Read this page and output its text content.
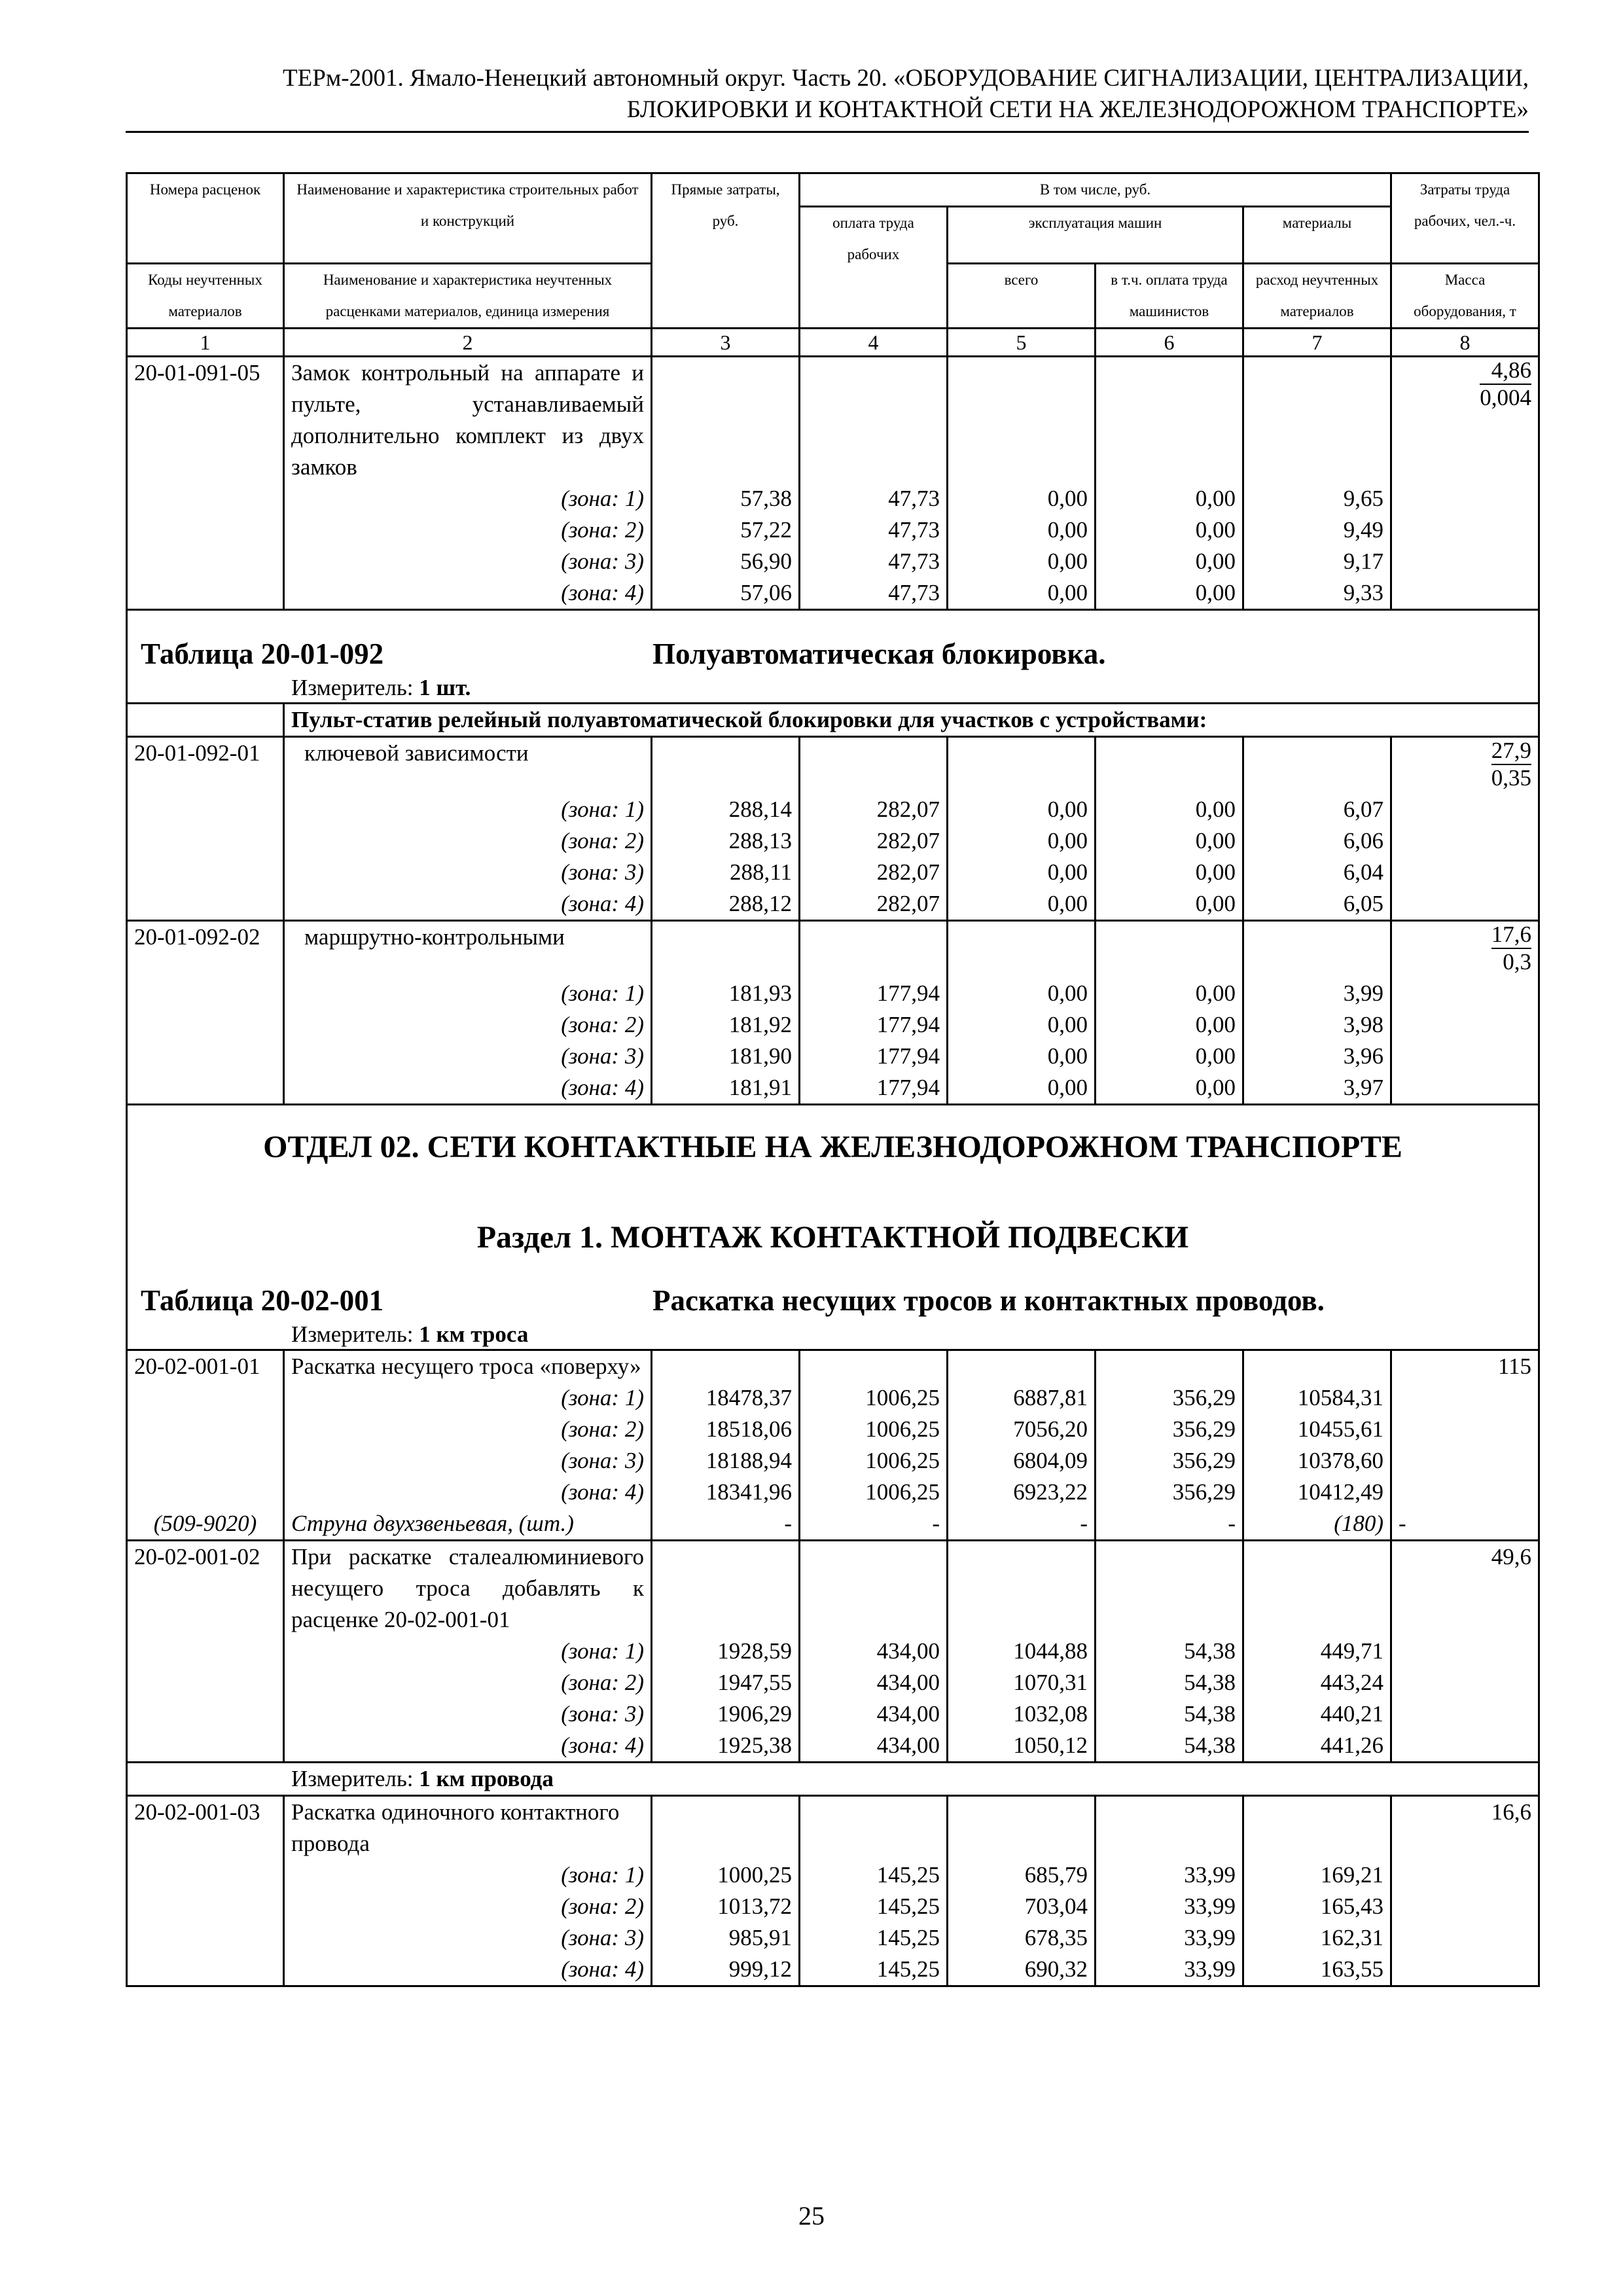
ТЕРм-2001. Ямало-Ненецкий автономный округ. Часть 20. «ОБОРУДОВАНИЕ СИГНАЛИЗАЦИИ, ЦЕНТРАЛИЗАЦИИ,
БЛОКИРОВКИ И КОНТАКТНОЙ СЕТИ НА ЖЕЛЕЗНОДОРОЖНОМ ТРАНСПОРТЕ»
Номера расценок	Наименование и характеристика строительных работ и конструкций	Прямые затраты, руб.	В том числе, руб.				Затраты труда рабочих, чел.-ч.
			оплата труда рабочих	эксплуатация машин		материалы	
Коды неучтенных материалов	Наименование и характеристика неучтенных расценками материалов, единица измерения			всего	в т.ч. оплата труда машинистов	расход неучтенных материалов	Масса оборудования, т
1	2	3	4	5	6	7	8
20-01-091-05	Замок контрольный на аппарате и пульте, устанавливаемый дополнительно комплект из двух замков						$\frac{4,86}{0,004}$

	(зона: 1)	57,38	47,73	0,00	0,00	9,65	
	(зона: 2)	57,22	47,73	0,00	0,00	9,49	
	(зона: 3)	56,90	47,73	0,00	0,00	9,17	
	(зона: 4)	57,06	47,73	0,00	0,00	9,33	

Таблица 20-01-092 Полуавтоматическая блокировка.
Измеритель: 1 шт.							

	Пульт-статив релейный полуавтоматической блокировки для участков с устройствами:						
20-01-092-01	ключевой зависимости						$\frac{27,9}{0,35}$

	(зона: 1)	288,14	282,07	0,00	0,00	6,07	
	(зона: 2)	288,13	282,07	0,00	0,00	6,06	
	(зона: 3)	288,11	282,07	0,00	0,00	6,04	
	(зона: 4)	288,12	282,07	0,00	0,00	6,05	
20-01-092-02	маршрутно-контрольными						$\frac{17,6}{0,3}$

	(зона: 1)	181,93	177,94	0,00	0,00	3,99	
	(зона: 2)	181,92	177,94	0,00	0,00	3,98	
	(зона: 3)	181,90	177,94	0,00	0,00	3,96	
	(зона: 4)	181,91	177,94	0,00	0,00	3,97	

ОТДЕЛ 02. СЕТИ КОНТАКТНЫЕ НА ЖЕЛЕЗНОДОРОЖНОМ ТРАНСПОРТЕ
Раздел 1. МОНТАЖ КОНТАКТНОЙ ПОДВЕСКИ							

Таблица 20-02-001 Раскатка несущих тросов и контактных проводов.
Измеритель: 1 км троса							

20-02-001-01	Раскатка несущего троса «поверху»						115
	(зона: 1)	18478,37	1006,25	6887,81	356,29	10584,31	
	(зона: 2)	18518,06	1006,25	7056,20	356,29	10455,61	
	(зона: 3)	18188,94	1006,25	6804,09	356,29	10378,60	
	(зона: 4)	18341,96	1006,25	6923,22	356,29	10412,49	
(509-9020)	Струна двухзвеньевая, (шт.)	-	-	-	-	(180)	-
20-02-001-02	При раскатке сталеалюминиевого несущего троса добавлять к расценке 20-02-001-01						49,6
	(зона: 1)	1928,59	434,00	1044,88	54,38	449,71	
	(зона: 2)	1947,55	434,00	1070,31	54,38	443,24	
	(зона: 3)	1906,29	434,00	1032,08	54,38	440,21	
	(зона: 4)	1925,38	434,00	1050,12	54,38	441,26	
Измеритель: 1 км провода							
20-02-001-03	Раскатка одиночного контактного провода						16,6
	(зона: 1)	1000,25	145,25	685,79	33,99	169,21	
	(зона: 2)	1013,72	145,25	703,04	33,99	165,43	
	(зона: 3)	985,91	145,25	678,35	33,99	162,31	
	(зона: 4)	999,12	145,25	690,32	33,99	163,55	
25
